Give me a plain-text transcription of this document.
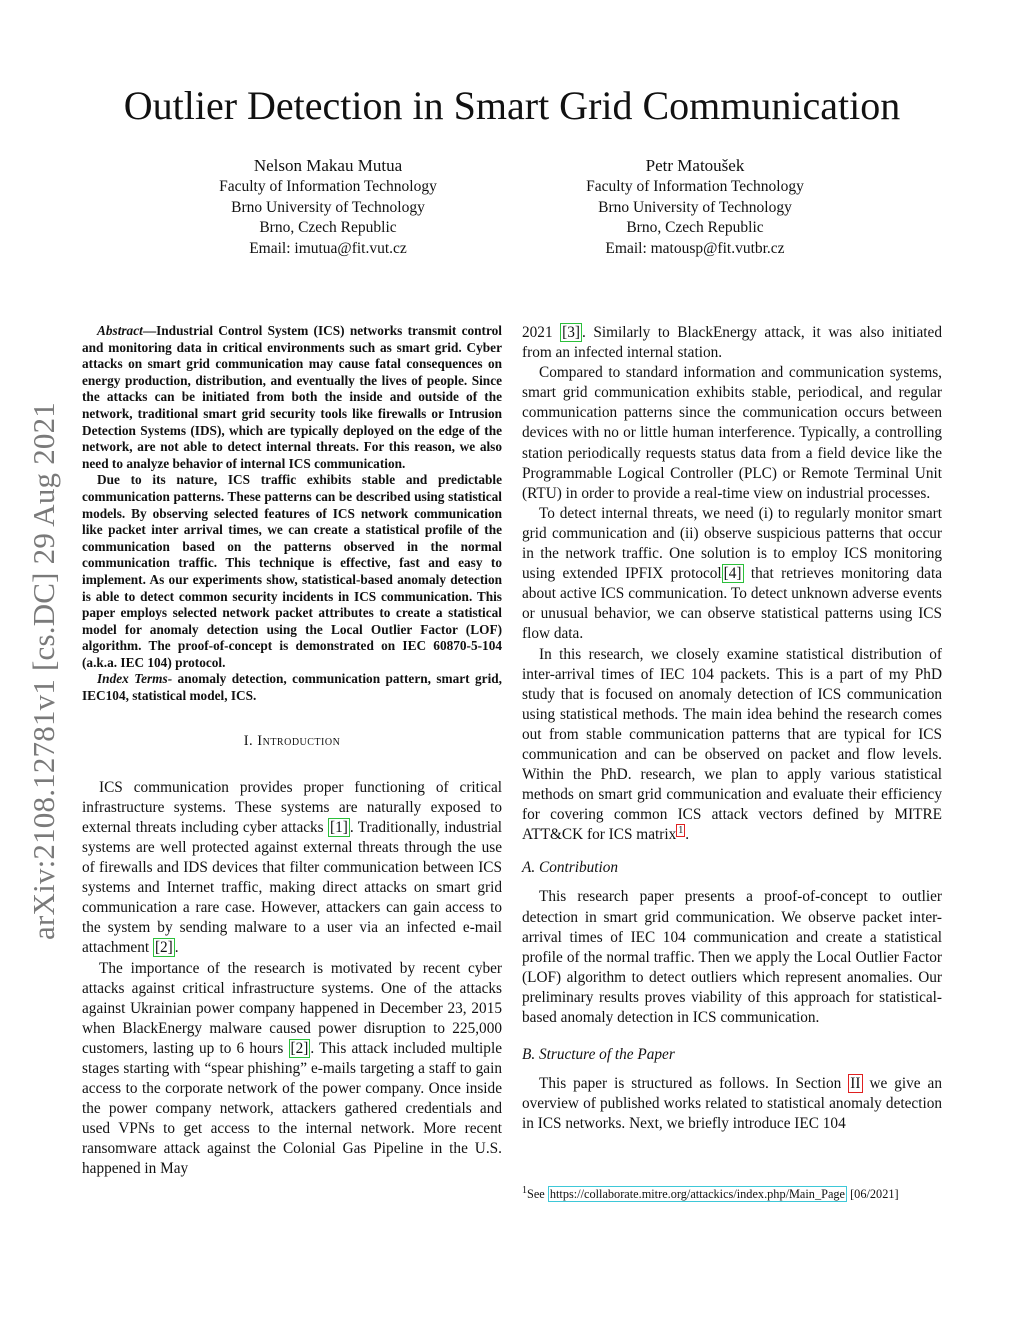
arXiv:2108.12781v1 [cs.DC] 29 Aug 2021
Outlier Detection in Smart Grid Communication
Nelson Makau Mutua
Faculty of Information Technology
Brno University of Technology
Brno, Czech Republic
Email: imutua@fit.vut.cz
Petr Matoušek
Faculty of Information Technology
Brno University of Technology
Brno, Czech Republic
Email: matousp@fit.vutbr.cz

Abstract—Industrial Control System (ICS) networks transmit control and monitoring data in critical environments such as smart grid. Cyber attacks on smart grid communication may cause fatal consequences on energy production, distribution, and eventually the lives of people. Since the attacks can be initiated from both the inside and outside of the network, traditional smart grid security tools like firewalls or Intrusion Detection Systems (IDS), which are typically deployed on the edge of the network, are not able to detect internal threats. For this reason, we also need to analyze behavior of internal ICS communication.

Due to its nature, ICS traffic exhibits stable and predictable communication patterns. These patterns can be described using statistical models. By observing selected features of ICS network communication like packet inter arrival times, we can create a statistical profile of the communication based on the patterns observed in the normal communication traffic. This technique is effective, fast and easy to implement. As our experiments show, statistical-based anomaly detection is able to detect common security incidents in ICS communication. This paper employs selected network packet attributes to create a statistical model for anomaly detection using the Local Outlier Factor (LOF) algorithm. The proof-of-concept is demonstrated on IEC 60870-5-104 (a.k.a. IEC 104) protocol.

Index Terms- anomaly detection, communication pattern, smart grid, IEC104, statistical model, ICS.

I. Introduction

ICS communication provides proper functioning of critical infrastructure systems. These systems are naturally exposed to external threats including cyber attacks [1] . Traditionally, industrial systems are well protected against external threats through the use of firewalls and IDS devices that filter communication between ICS systems and Internet traffic, making direct attacks on smart grid communication a rare case. However, attackers can gain access to the system by sending malware to a user via an infected e-mail attachment [2] .

The importance of the research is motivated by recent cyber attacks against critical infrastructure systems. One of the attacks against Ukrainian power company happened in December 23, 2015 when BlackEnergy malware caused power disruption to 225,000 customers, lasting up to 6 hours [2] . This attack included multiple stages starting with “spear phishing” e-mails targeting a staff to gain access to the corporate network of the power company. Once inside the power company network, attackers gathered credentials and used VPNs to get access to the internal network. More recent ransomware attack against the Colonial Gas Pipeline in the U.S. happened in May

2021 [3] . Similarly to BlackEnergy attack, it was also initiated from an infected internal station.

Compared to standard information and communication systems, smart grid communication exhibits stable, periodical, and regular communication patterns since the communication occurs between devices with no or little human interference. Typically, a controlling station periodically requests status data from a field device like the Programmable Logical Controller (PLC) or Remote Terminal Unit (RTU) in order to provide a real-time view on industrial processes.

To detect internal threats, we need (i) to regularly monitor smart grid communication and (ii) observe suspicious patterns that occur in the network traffic. One solution is to employ ICS monitoring using extended IPFIX protocol [4] that retrieves monitoring data about active ICS communication. To detect unknown adverse events or unusual behavior, we can observe statistical patterns using ICS flow data.

In this research, we closely examine statistical distribution of inter-arrival times of IEC 104 packets. This is a part of my PhD study that is focused on anomaly detection of ICS communication using statistical methods. The main idea behind the research comes out from stable communication patterns that are typical for ICS communication and can be observed on packet and flow levels. Within the PhD. research, we plan to apply various statistical methods on smart grid communication and evaluate their efficiency for covering common ICS attack vectors defined by MITRE ATT&CK for ICS matrix $^1$ .

A. Contribution

This research paper presents a proof-of-concept to outlier detection in smart grid communication. We observe packet inter-arrival times of IEC 104 communication and create a statistical profile of the normal traffic. Then we apply the Local Outlier Factor (LOF) algorithm to detect outliers which represent anomalies. Our preliminary results proves viability of this approach for statistical-based anomaly detection in ICS communication.

B. Structure of the Paper

This paper is structured as follows. In Section II we give an overview of published works related to statistical anomaly detection in ICS networks. Next, we briefly introduce IEC 104

$^1$See https://collaborate.mitre.org/attackics/index.php/Main_Page [06/2021]
